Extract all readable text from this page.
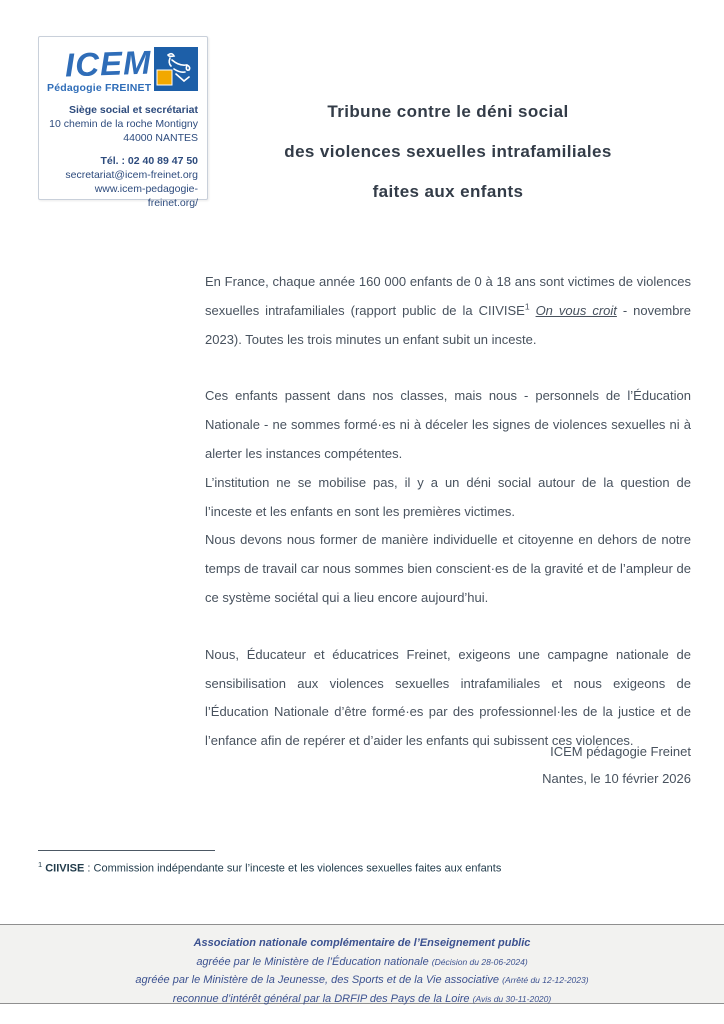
ICEM
Pédagogie FREINET
Siège social et secrétariat
10 chemin de la roche Montigny
44000 NANTES
Tél. : 02 40 89 47 50
secretariat@icem-freinet.org
www.icem-pedagogie-freinet.org/
Tribune contre le déni social
des violences sexuelles intrafamiliales
faites aux enfants

En France, chaque année 160 000 enfants de 0 à 18 ans sont victimes de violences sexuelles intrafamiliales (rapport public de la CIIVISE$^1$ On vous croit - novembre 2023). Toutes les trois minutes un enfant subit un inceste.

Ces enfants passent dans nos classes, mais nous - personnels de l’Éducation Nationale - ne sommes formé·es ni à déceler les signes de violences sexuelles ni à alerter les instances compétentes.

L’institution ne se mobilise pas, il y a un déni social autour de la question de l’inceste et les enfants en sont les premières victimes.

Nous devons nous former de manière individuelle et citoyenne en dehors de notre temps de travail car nous sommes bien conscient·es de la gravité et de l’ampleur de ce système sociétal qui a lieu encore aujourd’hui.

Nous, Éducateur et éducatrices Freinet, exigeons une campagne nationale de sensibilisation aux violences sexuelles intrafamiliales et nous exigeons de l’Éducation Nationale d’être formé·es par des professionnel·les de la justice et de l’enfance afin de repérer et d’aider les enfants qui subissent ces violences.

ICEM pédagogie Freinet
Nantes, le 10 février 2026
$^1$ CIIVISE : Commission indépendante sur l’inceste et les violences sexuelles faites aux enfants
Association nationale complémentaire de l’Enseignement public
agréée par le Ministère de l’Éducation nationale (Décision du 28-06-2024)
agréée par le Ministère de la Jeunesse, des Sports et de la Vie associative (Arrêté du 12-12-2023)
reconnue d’intérêt général par la DRFIP des Pays de la Loire (Avis du 30-11-2020)
